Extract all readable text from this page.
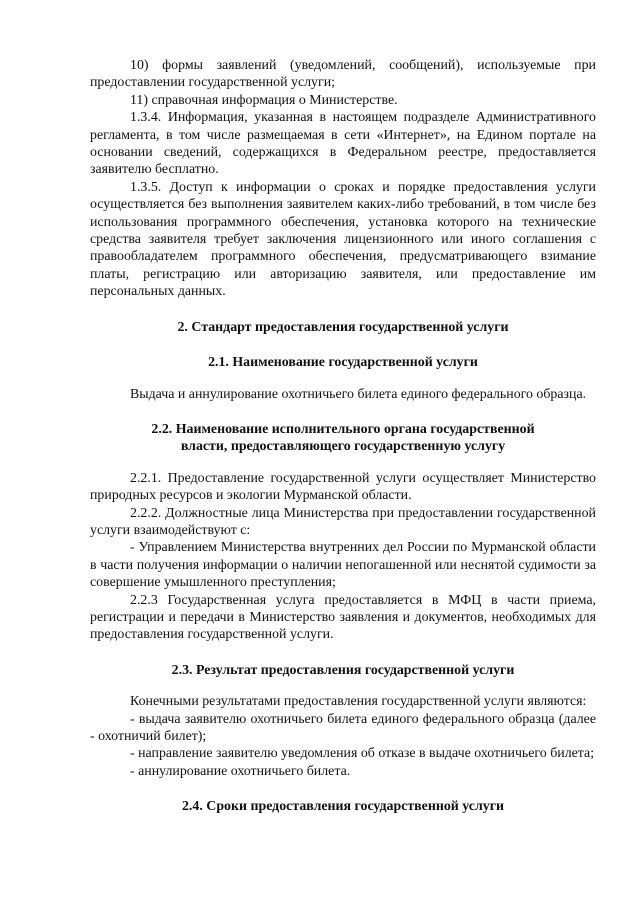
10) формы заявлений (уведомлений, сообщений), используемые при предоставлении государственной услуги;

11) справочная информация о Министерстве.

1.3.4. Информация, указанная в настоящем подразделе Административного регламента, в том числе размещаемая в сети «Интернет», на Едином портале на основании сведений, содержащихся в Федеральном реестре, предоставляется заявителю бесплатно.

1.3.5. Доступ к информации о сроках и порядке предоставления услуги осуществляется без выполнения заявителем каких-либо требований, в том числе без использования программного обеспечения, установка которого на технические средства заявителя требует заключения лицензионного или иного соглашения с правообладателем программного обеспечения, предусматривающего взимание платы, регистрацию или авторизацию заявителя, или предоставление им персональных данных.

2. Стандарт предоставления государственной услуги

2.1. Наименование государственной услуги

Выдача и аннулирование охотничьего билета единого федерального образца.

2.2. Наименование исполнительного органа государственной

власти, предоставляющего государственную услугу

2.2.1. Предоставление государственной услуги осуществляет Министерство природных ресурсов и экологии Мурманской области.

2.2.2. Должностные лица Министерства при предоставлении государственной услуги взаимодействуют с:

- Управлением Министерства внутренних дел России по Мурманской области в части получения информации о наличии непогашенной или неснятой судимости за совершение умышленного преступления;

2.2.3 Государственная услуга предоставляется в МФЦ в части приема, регистрации и передачи в Министерство заявления и документов, необходимых для предоставления государственной услуги.

2.3. Результат предоставления государственной услуги

Конечными результатами предоставления государственной услуги являются:

- выдача заявителю охотничьего билета единого федерального образца (далее - охотничий билет);

- направление заявителю уведомления об отказе в выдаче охотничьего билета;

- аннулирование охотничьего билета.

2.4. Сроки предоставления государственной услуги
